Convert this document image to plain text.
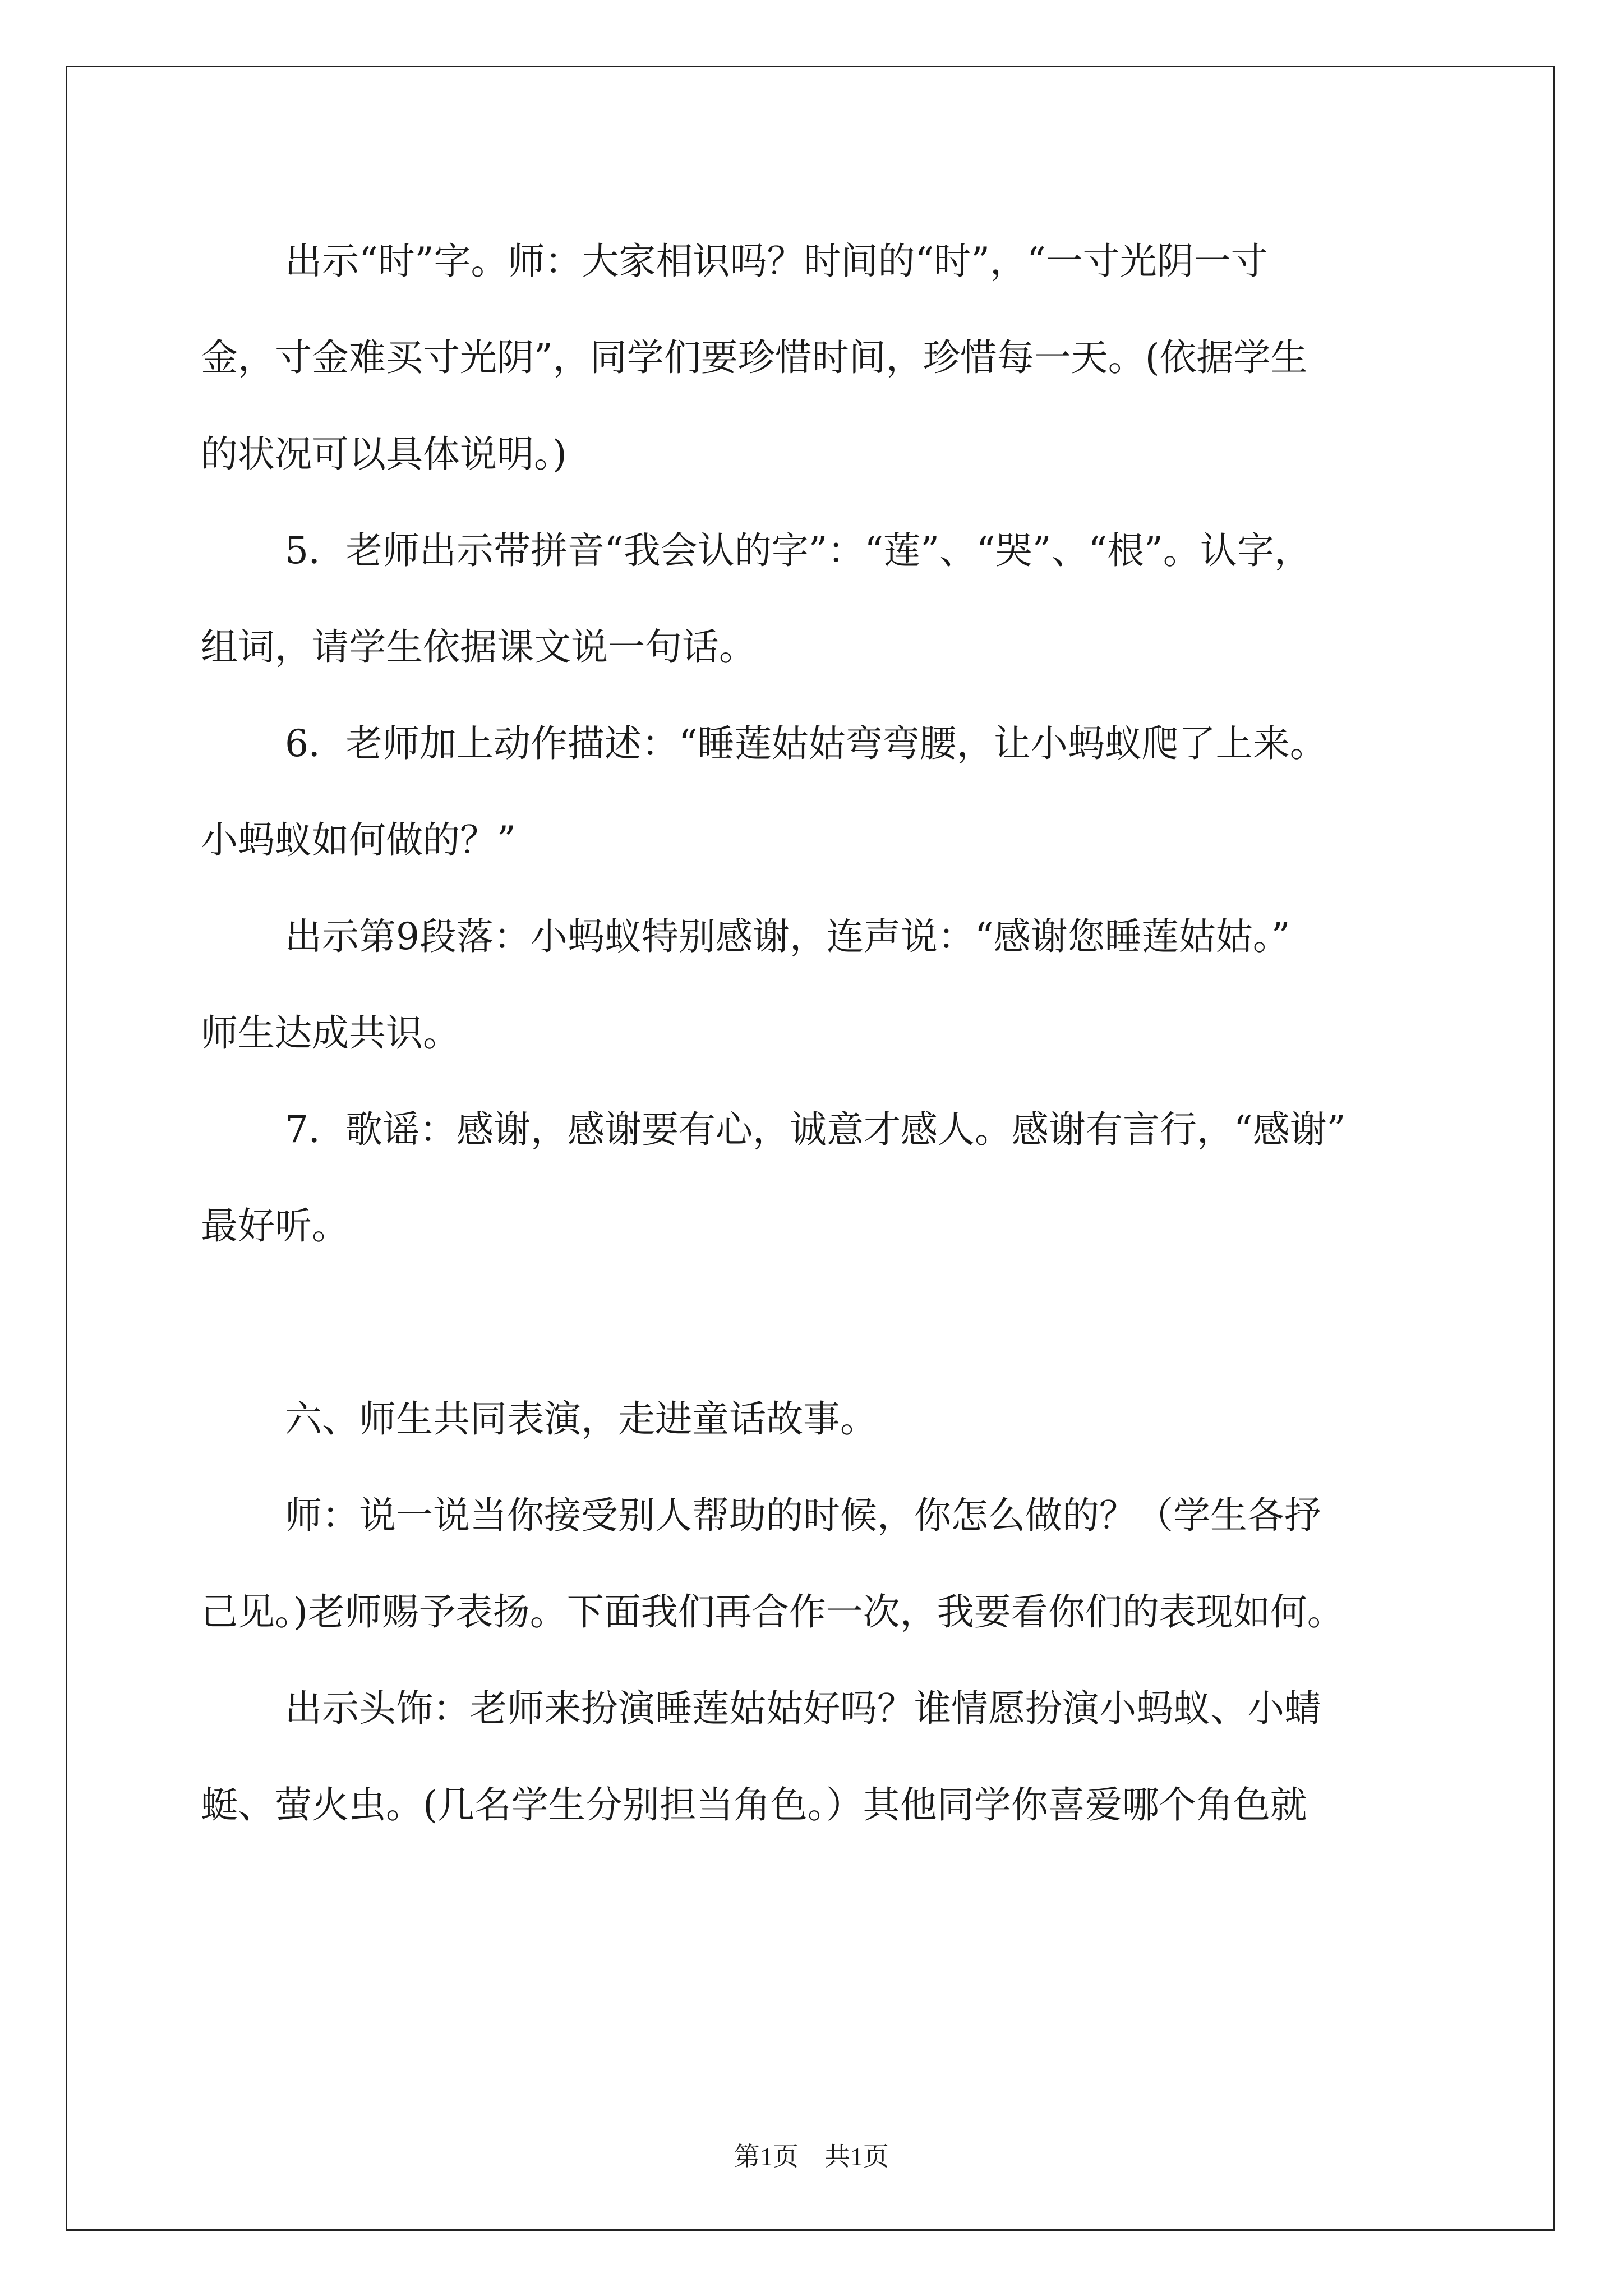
出示“时”字。师：大家相识吗？时间的“时”，“一寸光阴一寸
金，寸金难买寸光阴”，同学们要珍惜时间，珍惜每一天。(依据学生
的状况可以具体说明。)
5．老师出示带拼音“我会认的字”：“莲”、“哭”、“根”。认字，
组词，请学生依据课文说一句话。
6．老师加上动作描述：“睡莲姑姑弯弯腰，让小蚂蚁爬了上来。
小蚂蚁如何做的？”
出示第9段落：小蚂蚁特别感谢，连声说：“感谢您睡莲姑姑。”
师生达成共识。
7．歌谣：感谢，感谢要有心，诚意才感人。感谢有言行，“感谢”
最好听。
六、师生共同表演，走进童话故事。
师：说一说当你接受别人帮助的时候，你怎么做的？（学生各抒
己见。)老师赐予表扬。下面我们再合作一次，我要看你们的表现如何。
出示头饰：老师来扮演睡莲姑姑好吗？谁情愿扮演小蚂蚁、小蜻
蜓、萤火虫。(几名学生分别担当角色。）其他同学你喜爱哪个角色就
第1页　共1页
